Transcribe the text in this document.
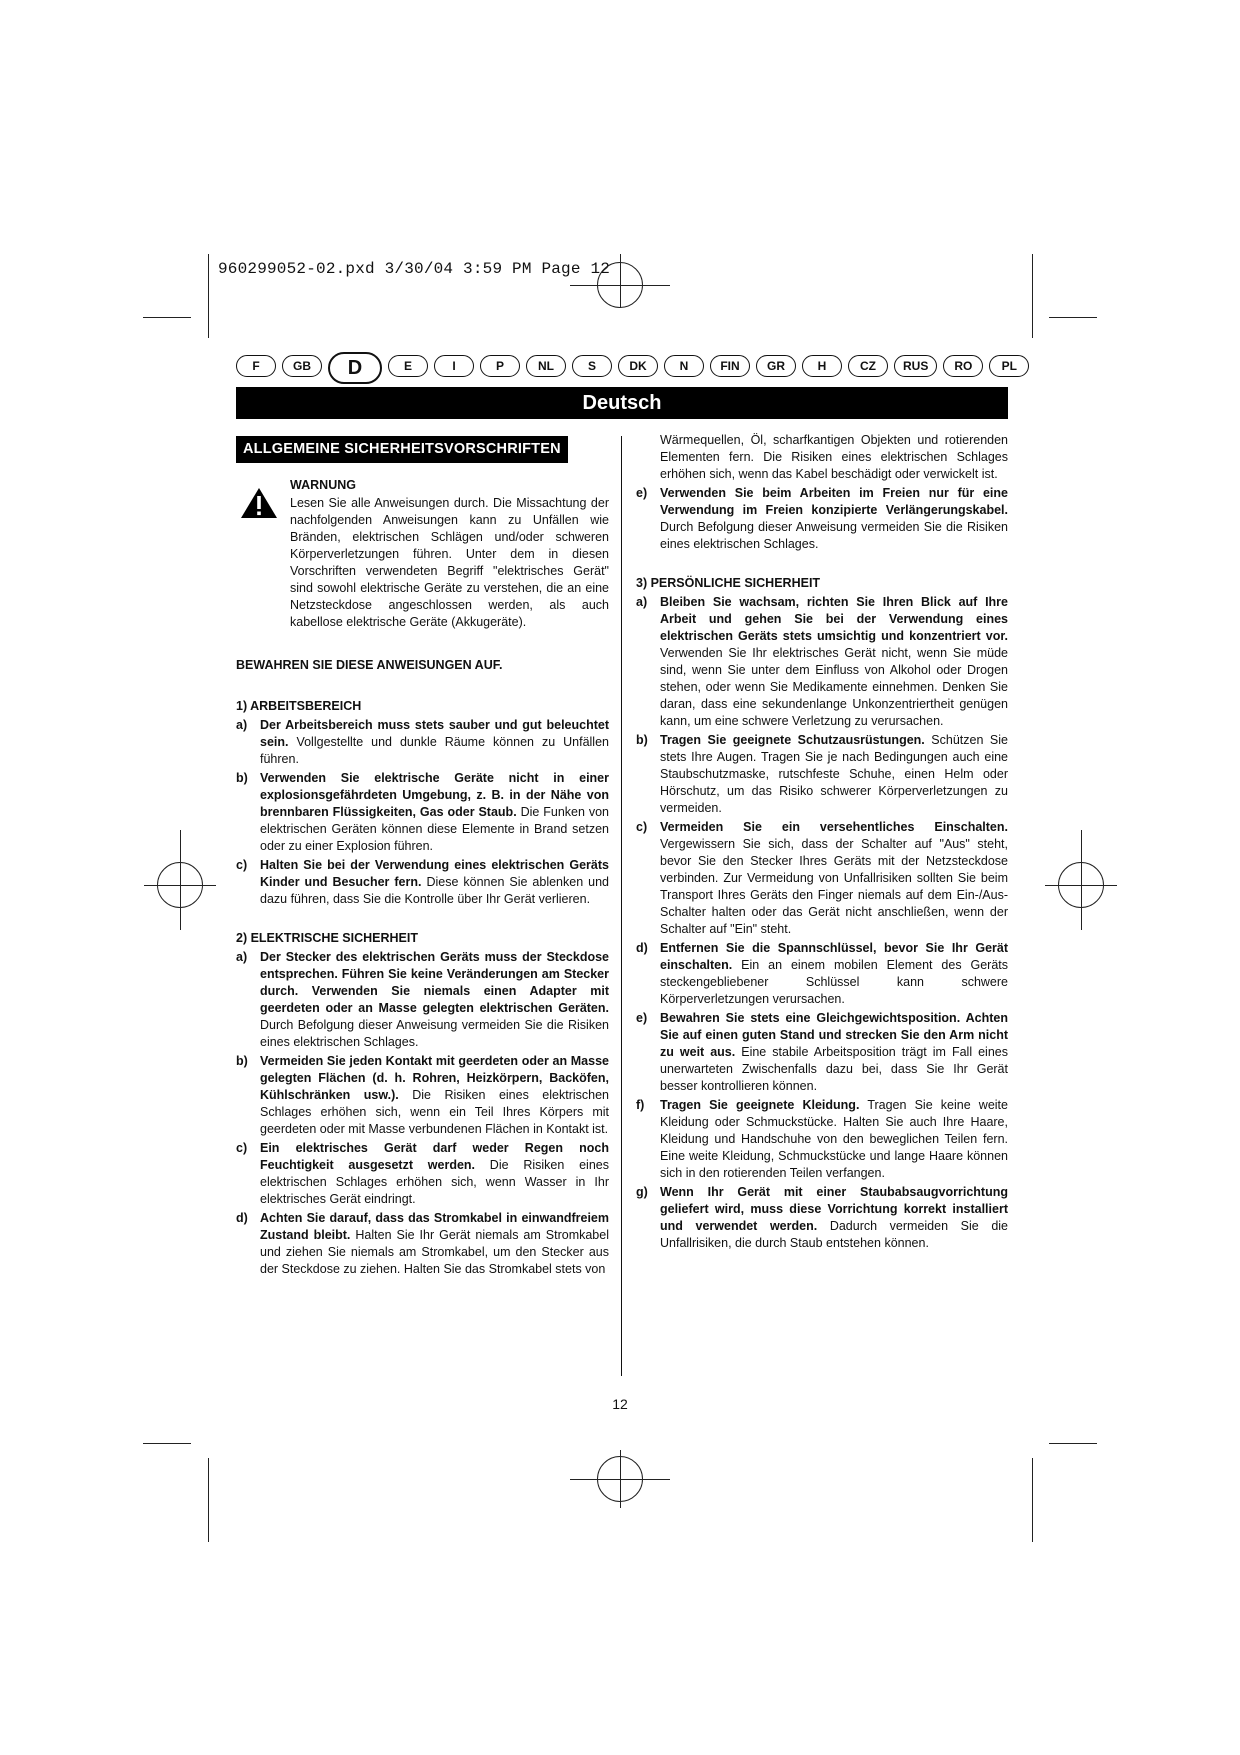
960299052-02.pxd 3/30/04 3:59 PM Page 12
F	GB	D	E	I	P	NL	S	DK	N	FIN	GR	H	CZ	RUS	RO	PL
Deutsch
ALLGEMEINE SICHERHEITSVORSCHRIFTEN
WARNUNG

Lesen Sie alle Anweisungen durch. Die Missachtung der nachfolgenden Anweisungen kann zu Unfällen wie Bränden, elektrischen Schlägen und/oder schweren Körperverletzungen führen. Unter dem in diesen Vorschriften verwendeten Begriff "elektrisches Gerät" sind sowohl elektrische Geräte zu verstehen, die an eine Netzsteckdose angeschlossen werden, als auch kabellose elektrische Geräte (Akkugeräte).

BEWAHREN SIE DIESE ANWEISUNGEN AUF.

1) ARBEITSBEREICH
a) Der Arbeitsbereich muss stets sauber und gut beleuchtet sein. Vollgestellte und dunkle Räume können zu Unfällen führen.
b) Verwenden Sie elektrische Geräte nicht in einer explosionsgefährdeten Umgebung, z. B. in der Nähe von brennbaren Flüssigkeiten, Gas oder Staub. Die Funken von elektrischen Geräten können diese Elemente in Brand setzen oder zu einer Explosion führen.
c) Halten Sie bei der Verwendung eines elektrischen Geräts Kinder und Besucher fern. Diese können Sie ablenken und dazu führen, dass Sie die Kontrolle über Ihr Gerät verlieren.
2) ELEKTRISCHE SICHERHEIT
a) Der Stecker des elektrischen Geräts muss der Steckdose entsprechen. Führen Sie keine Veränderungen am Stecker durch. Verwenden Sie niemals einen Adapter mit geerdeten oder an Masse gelegten elektrischen Geräten. Durch Befolgung dieser Anweisung vermeiden Sie die Risiken eines elektrischen Schlages.
b) Vermeiden Sie jeden Kontakt mit geerdeten oder an Masse gelegten Flächen (d. h. Rohren, Heizkörpern, Backöfen, Kühlschränken usw.). Die Risiken eines elektrischen Schlages erhöhen sich, wenn ein Teil Ihres Körpers mit geerdeten oder mit Masse verbundenen Flächen in Kontakt ist.
c) Ein elektrisches Gerät darf weder Regen noch Feuchtigkeit ausgesetzt werden. Die Risiken eines elektrischen Schlages erhöhen sich, wenn Wasser in Ihr elektrisches Gerät eindringt.
d) Achten Sie darauf, dass das Stromkabel in einwandfreiem Zustand bleibt. Halten Sie Ihr Gerät niemals am Stromkabel und ziehen Sie niemals am Stromkabel, um den Stecker aus der Steckdose zu ziehen. Halten Sie das Stromkabel stets von

Wärmequellen, Öl, scharfkantigen Objekten und rotierenden Elementen fern. Die Risiken eines elektrischen Schlages erhöhen sich, wenn das Kabel beschädigt oder verwickelt ist.

e) Verwenden Sie beim Arbeiten im Freien nur für eine Verwendung im Freien konzipierte Verlängerungskabel. Durch Befolgung dieser Anweisung vermeiden Sie die Risiken eines elektrischen Schlages.
3) PERSÖNLICHE SICHERHEIT
a) Bleiben Sie wachsam, richten Sie Ihren Blick auf Ihre Arbeit und gehen Sie bei der Verwendung eines elektrischen Geräts stets umsichtig und konzentriert vor. Verwenden Sie Ihr elektrisches Gerät nicht, wenn Sie müde sind, wenn Sie unter dem Einfluss von Alkohol oder Drogen stehen, oder wenn Sie Medikamente einnehmen. Denken Sie daran, dass eine sekundenlange Unkonzentriertheit genügen kann, um eine schwere Verletzung zu verursachen.
b) Tragen Sie geeignete Schutzausrüstungen. Schützen Sie stets Ihre Augen. Tragen Sie je nach Bedingungen auch eine Staubschutzmaske, rutschfeste Schuhe, einen Helm oder Hörschutz, um das Risiko schwerer Körperverletzungen zu vermeiden.
c) Vermeiden Sie ein versehentliches Einschalten. Vergewissern Sie sich, dass der Schalter auf "Aus" steht, bevor Sie den Stecker Ihres Geräts mit der Netzsteckdose verbinden. Zur Vermeidung von Unfallrisiken sollten Sie beim Transport Ihres Geräts den Finger niemals auf dem Ein-/Aus-Schalter halten oder das Gerät nicht anschließen, wenn der Schalter auf "Ein" steht.
d) Entfernen Sie die Spannschlüssel, bevor Sie Ihr Gerät einschalten. Ein an einem mobilen Element des Geräts steckengebliebener Schlüssel kann schwere Körperverletzungen verursachen.
e) Bewahren Sie stets eine Gleichgewichtsposition. Achten Sie auf einen guten Stand und strecken Sie den Arm nicht zu weit aus. Eine stabile Arbeitsposition trägt im Fall eines unerwarteten Zwischenfalls dazu bei, dass Sie Ihr Gerät besser kontrollieren können.
f) Tragen Sie geeignete Kleidung. Tragen Sie keine weite Kleidung oder Schmuckstücke. Halten Sie auch Ihre Haare, Kleidung und Handschuhe von den beweglichen Teilen fern. Eine weite Kleidung, Schmuckstücke und lange Haare können sich in den rotierenden Teilen verfangen.
g) Wenn Ihr Gerät mit einer Staubabsaugvorrichtung geliefert wird, muss diese Vorrichtung korrekt installiert und verwendet werden. Dadurch vermeiden Sie die Unfallrisiken, die durch Staub entstehen können.
12
